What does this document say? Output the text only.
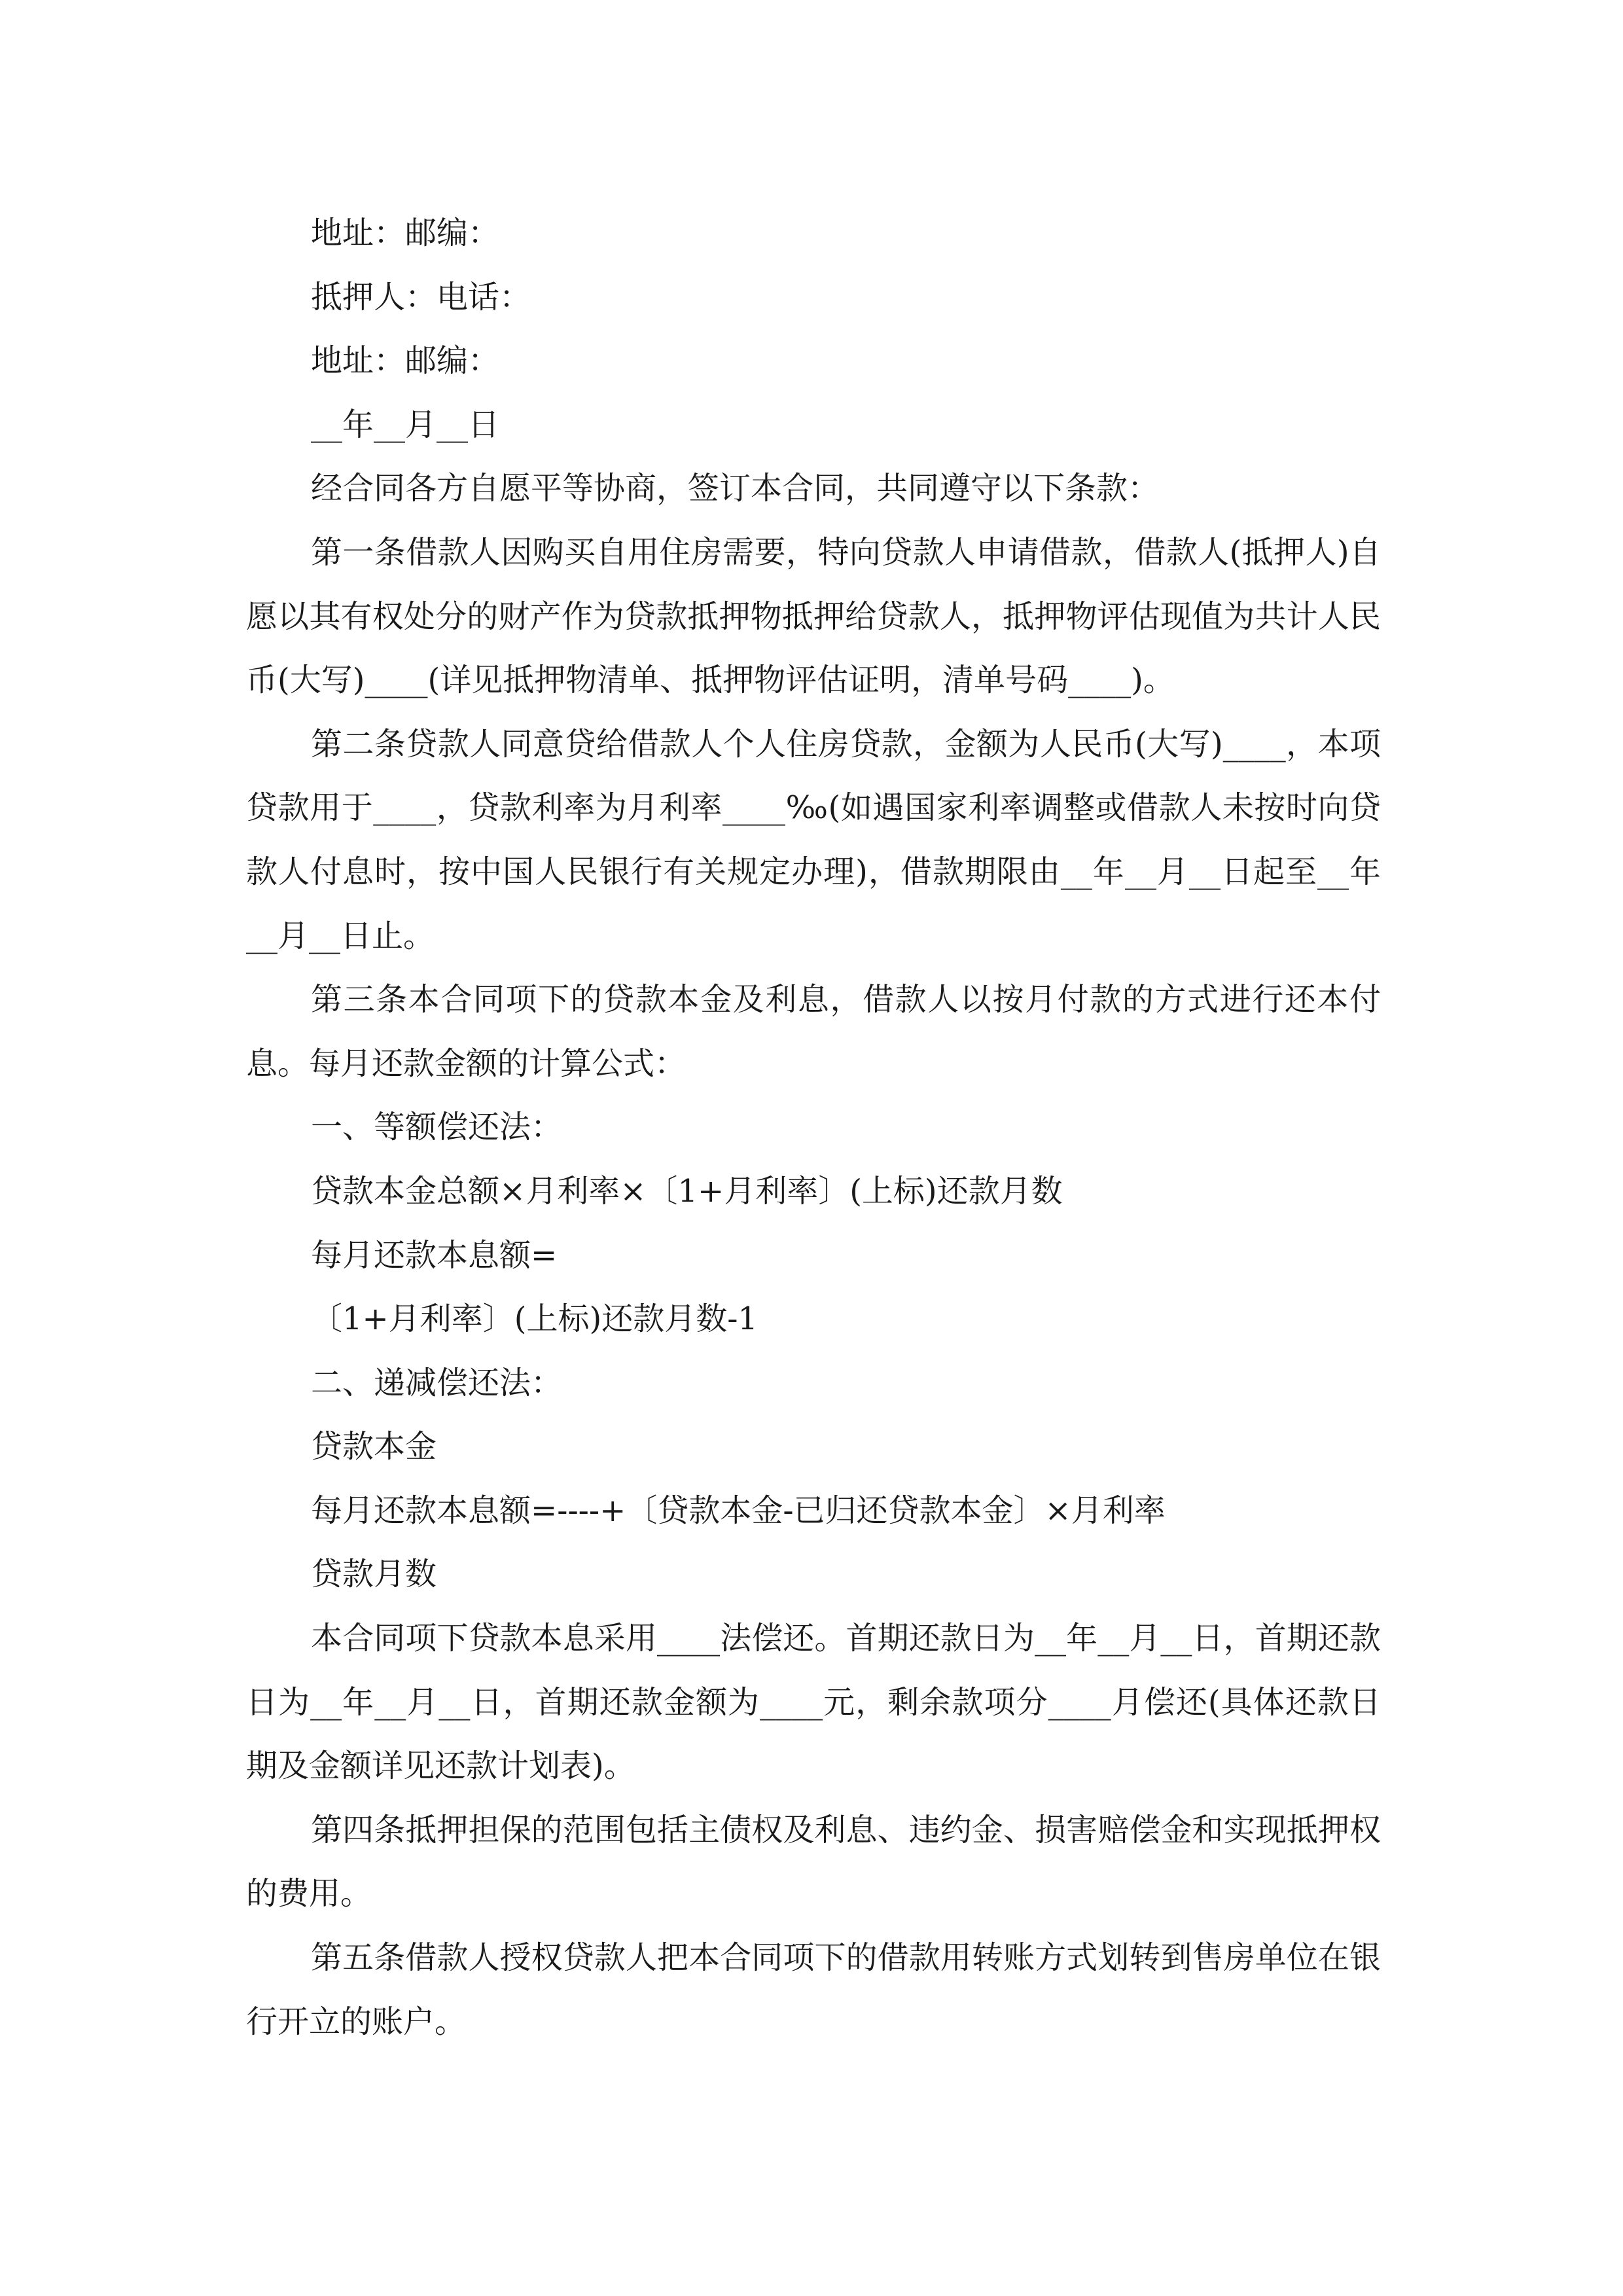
地址：邮编：

抵押人：电话：

地址：邮编：

__年__月__日

经合同各方自愿平等协商，签订本合同，共同遵守以下条款：

第一条借款人因购买自用住房需要，特向贷款人申请借款，借款人(抵押人)自愿以其有权处分的财产作为贷款抵押物抵押给贷款人，抵押物评估现值为共计人民币(大写)____(详见抵押物清单、抵押物评估证明，清单号码____)。

第二条贷款人同意贷给借款人个人住房贷款，金额为人民币(大写)____，本项贷款用于____，贷款利率为月利率____‰(如遇国家利率调整或借款人未按时向贷款人付息时，按中国人民银行有关规定办理)，借款期限由__年__月__日起至__年__月__日止。

第三条本合同项下的贷款本金及利息，借款人以按月付款的方式进行还本付息。每月还款金额的计算公式：

一、等额偿还法：

贷款本金总额×月利率×〔1+月利率〕(上标)还款月数

每月还款本息额=

〔1+月利率〕(上标)还款月数-1

二、递减偿还法：

贷款本金

每月还款本息额=----+〔贷款本金-已归还贷款本金〕×月利率

贷款月数

本合同项下贷款本息采用____法偿还。首期还款日为__年__月__日，首期还款日为__年__月__日，首期还款金额为____元，剩余款项分____月偿还(具体还款日期及金额详见还款计划表)。

第四条抵押担保的范围包括主债权及利息、违约金、损害赔偿金和实现抵押权的费用。

第五条借款人授权贷款人把本合同项下的借款用转账方式划转到售房单位在银行开立的账户。
